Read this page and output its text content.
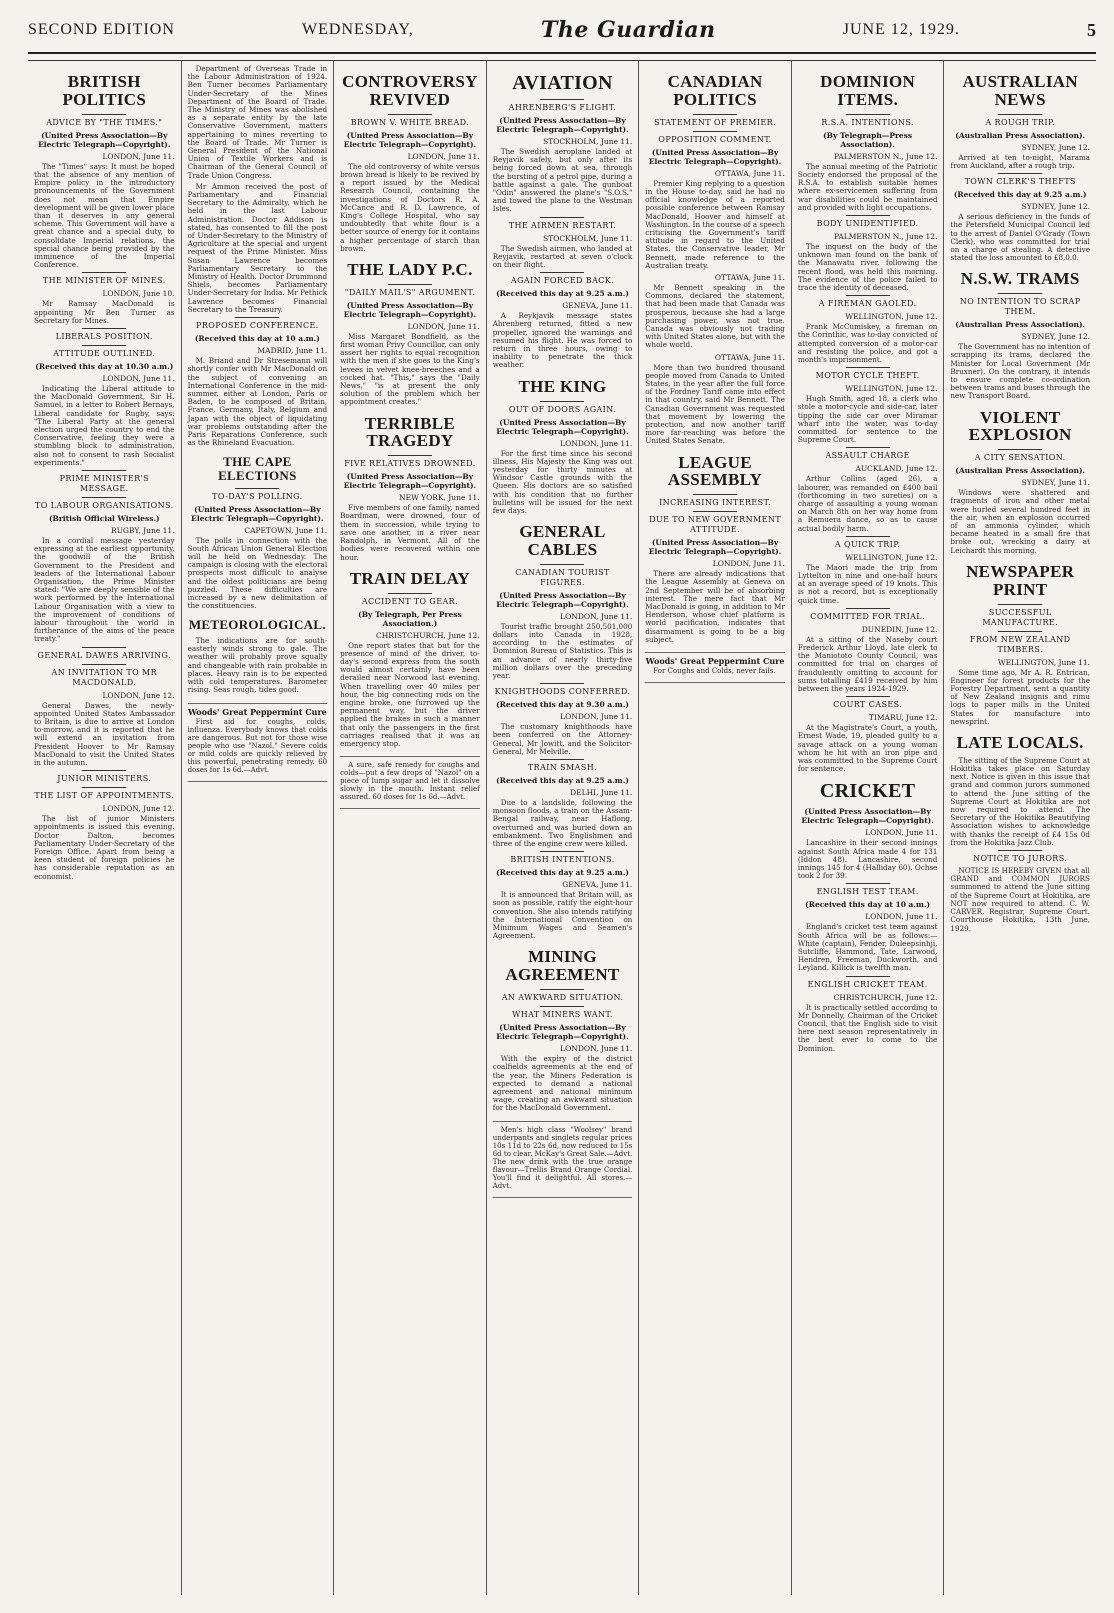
SECOND EDITION	WEDNESDAY,	The Guardian	JUNE 12, 1929.	5
BRITISH POLITICS
ADVICE BY "THE TIMES."
(United Press Association—By Electric Telegraph—Copyright).
LONDON, June 11.

The "Times" says: It must be hoped that the absence of any mention of Empire policy in the introductory pronouncements of the Government does not mean that Empire development will be given lower place than it deserves in any general scheme. This Government will have a great chance and a special duty, to consolidate Imperial relations, the special chance being provided by the imminence of the Imperial Conference.

THE MINISTER OF MINES.
LONDON, June 10.

Mr Ramsay MacDonald is appointing Mr Ben Turner as Secretary for Mines.

LIBERALS POSITION.
ATTITUDE OUTLINED.
(Received this day at 10.30 a.m.)
LONDON, June 11.

Indicating the Liberal attitude to the MacDonald Government, Sir H. Samuel, in a letter to Robert Bernays, Liberal candidate for Rugby, says: "The Liberal Party at the general election urged the country to end the Conservative, feeling they were a stumbling block to administration, also not to consent to rash Socialist experiments."

PRIME MINISTER'S MESSAGE.
TO LABOUR ORGANISATIONS.
(British Official Wireless.)
RUGBY, June 11.

In a cordial message yesterday expressing at the earliest opportunity, the goodwill of the British Government to the President and leaders of the International Labour Organisation, the Prime Minister stated: "We are deeply sensible of the work performed by the International Labour Organisation with a view to the improvement of conditions of labour throughout the world in furtherance of the aims of the peace treaty."

GENERAL DAWES ARRIVING.
AN INVITATION TO MR MACDONALD.
LONDON, June 12.

General Dawes, the newly-appointed United States Ambassador to Britain, is due to arrive at London to-morrow, and it is reported that he will extend an invitation from President Hoover to Mr Ramsay MacDonald to visit the United States in the autumn.

JUNIOR MINISTERS.
THE LIST OF APPOINTMENTS.
LONDON, June 12.

The list of junior Ministers appointments is issued this evening. Doctor Dalton, becomes Parliamentary Under-Secretary of the Foreign Office. Apart from being a keen student of foreign policies he has considerable reputation as an economist.

Department of Overseas Trade in the Labour Administration of 1924. Ben Turner becomes Parliamentary Under-Secretary of the Mines Department of the Board of Trade. The Ministry of Mines was abolished as a separate entity by the late Conservative Government, matters appertaining to mines reverting to the Board of Trade. Mr Turner is General President of the National Union of Textile Workers and is Chairman of the General Council of Trade Union Congress.

Mr Ammon received the post of Parliamentary and Financial Secretary to the Admiralty, which he held in the last Labour Administration. Doctor Addison is stated, has consented to fill the post of Under-Secretary to the Ministry of Agriculture at the special and urgent request of the Prime Minister. Miss Susan Lawrence becomes Parliamentary Secretary to the Ministry of Health. Doctor Drummond Shiels, becomes Parliamentary Under-Secretary for India. Mr Pethick Lawrence becomes Financial Secretary to the Treasury.

PROPOSED CONFERENCE.
(Received this day at 10 a.m.)
MADRID, June 11.

M. Briand and Dr Stresemann will shortly confer with Mr MacDonald on the subject of convening an International Conference in the mid-summer, either at London, Paris or Baden, to be composed of Britain, France, Germany, Italy, Belgium and Japan with the object of liquidating war problems outstanding after the Paris Reparations Conference, such as the Rhineland Evacuation.

THE CAPE ELECTIONS
TO-DAY'S POLLING.
(United Press Association—By Electric Telegraph—Copyright).
CAPETOWN, June 11.

The polls in connection with the South African Union General Election will be held on Wednesday. The campaign is closing with the electoral prospects most difficult to analyse and the oldest politicians are being puzzled. These difficulties are increased by a new delimitation of the constituencies.

METEOROLOGICAL.

The indications are for south-easterly winds strong to gale. The weather will probably prove squally and changeable with rain probable in places. Heavy rain is to be expected with cold temperatures. Barometer rising. Seas rough, tides good.

Woods' Great Peppermint Cure

First aid for coughs, colds, influenza. Everybody knows that colds are dangerous. But not for those wise people who use "Nazol." Severe colds or mild colds are quickly relieved by this powerful, penetrating remedy. 60 doses for 1s 6d.—Advt.

CONTROVERSY REVIVED
BROWN V. WHITE BREAD.
(United Press Association—By Electric Telegraph—Copyright).
LONDON, June 11.

The old controversy of white versus brown bread is likely to be revived by a report issued by the Medical Research Council, containing the investigations of Doctors R. A. McCance and R. D. Lawrence, of King's College Hospital, who say undoubtedly that white flour is a better source of energy for it contains a higher percentage of starch than brown.

THE LADY P.C.
"DAILY MAIL'S" ARGUMENT.
(United Press Association—By Electric Telegraph—Copyright).
LONDON, June 11.

Miss Margaret Bondfield, as the first woman Privy Councillor, can only assert her rights to equal recognition with the men if she goes to the King's levees in velvet knee-breeches and a cocked hat. "This," says the "Daily News," "is at present the only solution of the problem which her appointment creates."

TERRIBLE TRAGEDY
FIVE RELATIVES DROWNED.
(United Press Association—By Electric Telegraph—Copyright).
NEW YORK, June 11.

Five members of one family, named Boardman, were drowned, four of them in succession, while trying to save one another, in a river near Randolph, in Vermont. All of the bodies were recovered within one hour.

TRAIN DELAY
ACCIDENT TO GEAR.
(By Telegraph, Per Press Association.)
CHRISTCHURCH, June 12.

One report states that but for the presence of mind of the driver, to-day's second express from the south would almost certainly have been derailed near Norwood last evening. When travelling over 40 miles per hour, the big connecting rods on the engine broke, one furrowed up the permanent way, but the driver applied the brakes in such a manner that only the passengers in the first carriages realised that it was an emergency stop.

A sure, safe remedy for coughs and colds—put a few drops of "Nazol" on a piece of lump sugar and let it dissolve slowly in the mouth. Instant relief assured. 60 doses for 1s 6d.—Advt.

AVIATION
AHRENBERG'S FLIGHT.
(United Press Association—By Electric Telegraph—Copyright).
STOCKHOLM, June 11.

The Swedish aeroplane landed at Reyjavik safely, but only after its being forced down at sea, through the bursting of a petrol pipe, during a battle against a gale. The gunboat "Odin" answered the plane's "S.O.S." and towed the plane to the Westman Isles.

THE AIRMEN RESTART.
STOCKHOLM, June 11.

The Swedish airmen, who landed at Reyjavik, restarted at seven o'clock on their flight.

AGAIN FORCED BACK.
(Received this day at 9.25 a.m.)
GENEVA, June 11.

A Reykjavik message states Ahrenberg returned, fitted a new propeller, ignored the warnings and resumed his flight. He was forced to return in three hours, owing to inability to penetrate the thick weather.

THE KING
OUT OF DOORS AGAIN.
(United Press Association—By Electric Telegraph—Copyright).
LONDON, June 11.

For the first time since his second illness, His Majesty the King was out yesterday for thirty minutes at Windsor Castle grounds with the Queen. His doctors are so satisfied with his condition that no further bulletins will be issued for the next few days.

GENERAL CABLES
CANADIAN TOURIST FIGURES.
(United Press Association—By Electric Telegraph—Copyright).
LONDON, June 11.

Tourist traffic brought 250,501,000 dollars into Canada in 1928, according to the estimates of Dominion Bureau of Statistics. This is an advance of nearly thirty-five million dollars over the preceding year.

KNIGHTHOODS CONFERRED.
(Received this day at 9.30 a.m.)
LONDON, June 11.

The customary knighthoods have been conferred on the Attorney-General, Mr Jowitt, and the Solicitor-General, Mr Melville.

TRAIN SMASH.
(Received this day at 9.25 a.m.)
DELHI, June 11.

Due to a landslide, following the monsoon floods, a train on the Assam-Bengal railway, near Haflong, overturned and was buried down an embankment. Two Englishmen and three of the engine crew were killed.

BRITISH INTENTIONS.
(Received this day at 9.25 a.m.)
GENEVA, June 11.

It is announced that Britain will, as soon as possible, ratify the eight-hour convention. She also intends ratifying the International Convention on Minimum Wages and Seamen's Agreement.

MINING AGREEMENT
AN AWKWARD SITUATION.
WHAT MINERS WANT.
(United Press Association—By Electric Telegraph—Copyright).
LONDON, June 11.

With the expiry of the district coalfields agreements at the end of the year, the Miners Federation is expected to demand a national agreement and national minimum wage, creating an awkward situation for the MacDonald Government.

Men's high class "Woolsey" brand underpants and singlets regular prices 10s 11d to 22s 6d, now reduced to 15s 6d to clear. McKay's Great Sale.—Advt. The new drink with the true orange flavour—Trellis Brand Orange Cordial. You'll find it delightful. All stores.—Advt.

CANADIAN POLITICS
STATEMENT OF PREMIER.
OPPOSITION COMMENT.
(United Press Association—By Electric Telegraph—Copyright).
OTTAWA, June 11.

Premier King replying to a question in the House to-day, said he had no official knowledge of a reported possible conference between Ramsay MacDonald, Hoover and himself at Washington. In the course of a speech criticising the Government's tariff attitude in regard to the United States, the Conservative leader, Mr Bennett, made reference to the Australian treaty.

OTTAWA, June 11.

Mr Bennett speaking in the Commons, declared the statement, that had been made that Canada was prosperous, because she had a large purchasing power, was not true. Canada was obviously not trading with United States alone, but with the whole world.

OTTAWA, June 11.

More than two hundred thousand people moved from Canada to United States, in the year after the full force of the Fordney Tariff came into effect in that country, said Mr Bennett. The Canadian Government was requested that movement by lowering the protection, and now another tariff more far-reaching was before the United States Senate.

LEAGUE ASSEMBLY
INCREASING INTEREST.
DUE TO NEW GOVERNMENT ATTITUDE.
(United Press Association—By Electric Telegraph—Copyright).
LONDON, June 11.

There are already indications that the League Assembly at Geneva on 2nd September will be of absorbing interest. The mere fact that Mr MacDonald is going, in addition to Mr Henderson, whose chief platform is world pacification, indicates that disarmament is going to be a big subject.

Woods' Great Peppermint Cure

For Coughs and Colds, never fails.

DOMINION ITEMS.
R.S.A. INTENTIONS.
(By Telegraph—Press Association).
PALMERSTON N., June 12.

The annual meeting of the Patriotic Society endorsed the proposal of the R.S.A. to establish suitable homes where ex-servicemen suffering from war disabilities could be maintained and provided with light occupations.

BODY UNIDENTIFIED.
PALMERSTON N., June 12.

The inquest on the body of the unknown man found on the bank of the Manawatu river, following the recent flood, was held this morning. The evidence of the police failed to trace the identity of deceased.

A FIREMAN GAOLED.
WELLINGTON, June 12.

Frank McCumiskey, a fireman on the Corinthic, was to-day convicted of attempted conversion of a motor-car and resisting the police, and got a month's imprisonment.

MOTOR CYCLE THEFT.
WELLINGTON, June 12.

Hugh Smith, aged 18, a clerk who stole a motor-cycle and side-car, later tipping the side car over Miramar wharf into the water, was to-day committed for sentence to the Supreme Court.

ASSAULT CHARGE
AUCKLAND, June 12.

Arthur Collins (aged 26), a labourer, was remanded on £400 bail (forthcoming in two sureties) on a charge of assaulting a young woman on March 8th on her way home from a Remuera dance, so as to cause actual bodily harm.

A QUICK TRIP.
WELLINGTON, June 12.

The Maori made the trip from Lyttelton in nine and one-half hours at an average speed of 19 knots. This is not a record, but is exceptionally quick time.

COMMITTED FOR TRIAL.
DUNEDIN, June 12.

At a sitting of the Naseby court Frederick Arthur Lloyd, late clerk to the Maniototo County Council, was committed for trial on charges of fraudulently omitting to account for sums totalling £419 received by him between the years 1924-1929.

COURT CASES.
TIMARU, June 12.

At the Magistrate's Court, a youth, Ernest Wade, 19, pleaded guilty to a savage attack on a young woman whom he hit with an iron pipe and was committed to the Supreme Court for sentence.

CRICKET
(United Press Association—By Electric Telegraph—Copyright).
LONDON, June 11.

Lancashire in their second innings against South Africa made 4 for 131 (Iddon 48). Lancashire, second innings 145 for 4 (Halliday 60). Ochse took 2 for 39.

ENGLISH TEST TEAM.
(Received this day at 10 a.m.)
LONDON, June 11.

England's cricket test team against South Africa will be as follows:—White (captain), Fender, Duleepsinhji, Sutcliffe, Hammond, Tate, Larwood, Hendren, Freeman, Duckworth, and Leyland. Killick is twelfth man.

ENGLISH CRICKET TEAM.
CHRISTCHURCH, June 12.

It is practically settled according to Mr Donnelly, Chairman of the Cricket Council, that the English side to visit here next season representatively in the best ever to come to the Dominion.

AUSTRALIAN NEWS
A ROUGH TRIP.
(Australian Press Association).
SYDNEY, June 12.

Arrived at ten to-night, Maramа from Auckland, after a rough trip.

TOWN CLERK'S THEFTS
(Received this day at 9.25 a.m.)
SYDNEY, June 12.

A serious deficiency in the funds of the Petersfield Municipal Council led to the arrest of Daniel O'Grady (Town Clerk), who was committed for trial on a charge of stealing. A detective stated the loss amounted to £8,0.0.

N.S.W. TRAMS
NO INTENTION TO SCRAP THEM.
(Australian Press Association).
SYDNEY, June 12.

The Government has no intention of scrapping its trams, declared the Minister for Local Government (Mr Bruxner). On the contrary, it intends to ensure complete co-ordination between trams and buses through the new Transport Board.

VIOLENT EXPLOSION
A CITY SENSATION.
(Australian Press Association).
SYDNEY, June 11.

Windows were shattered and fragments of iron and other metal were hurled several hundred feet in the air, when an explosion occurred of an ammonia cylinder, which became heated in a small fire that broke out, wrecking a dairy at Leichardt this morning.

NEWSPAPER PRINT
SUCCESSFUL MANUFACTURE.
FROM NEW ZEALAND TIMBERS.
WELLINGTON, June 11.

Some time ago, Mr A. R. Entrican, Engineer for forest products for the Forestry Department, sent a quantity of New Zealand insignis and rimu logs to paper mills in the United States for manufacture into newsprint.

LATE LOCALS.

The sitting of the Supreme Court at Hokitika takes place on Saturday next. Notice is given in this issue that grand and common jurors summoned to attend the June sitting of the Supreme Court at Hokitika are not now required to attend. The Secretary of the Hokitika Beautifying Association wishes to acknowledge with thanks the receipt of £4 15s 0d from the Hokitika Jazz Club.

NOTICE TO JURORS.

NOTICE IS HEREBY GIVEN that all GRAND and COMMON JURORS summoned to attend the June sitting of the Supreme Court at Hokitika, are NOT now required to attend. C. W. CARVER, Registrar, Supreme Court. Courthouse Hokitika, 13th June, 1929.
